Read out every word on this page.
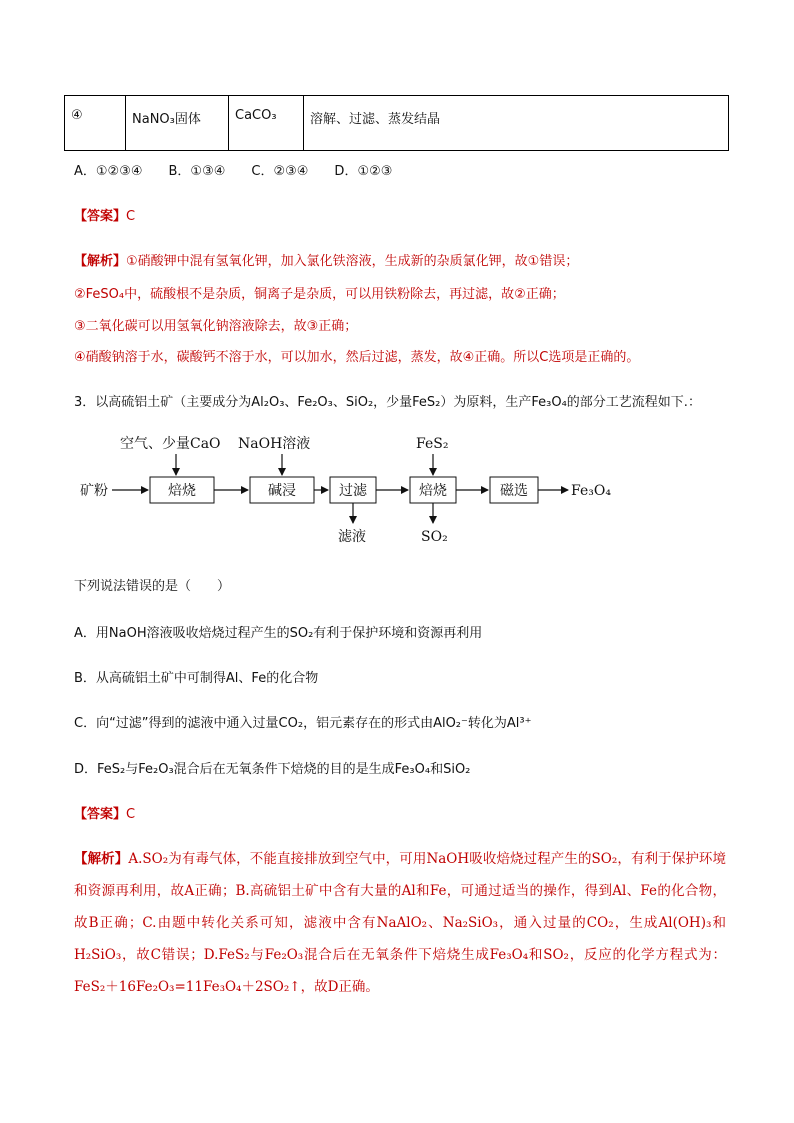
④	NaNO₃固体	CaCO₃	溶解、过滤、蒸发结晶
A．①②③④　　B．①③④　　C．②③④　　D．①②③
【答案】C
【解析】①硝酸钾中混有氢氧化钾，加入氯化铁溶液，生成新的杂质氯化钾，故①错误；
②FeSO₄中，硫酸根不是杂质，铜离子是杂质，可以用铁粉除去，再过滤，故②正确；
③二氧化碳可以用氢氧化钠溶液除去，故③正确；
④硝酸钠溶于水，碳酸钙不溶于水，可以加水，然后过滤，蒸发，故④正确。所以C选项是正确的。
3．以高硫铝土矿（主要成分为Al₂O₃、Fe₂O₃、SiO₂，少量FeS₂）为原料，生产Fe₃O₄的部分工艺流程如下.：
矿粉	焙烧	碱浸	过滤	焙烧	磁选	Fe₃O₄
空气、少量CaO NaOH溶液	FeS₂
滤液	SO₂
下列说法错误的是（　　）
A．用NaOH溶液吸收焙烧过程产生的SO₂有利于保护环境和资源再利用
B．从高硫铝土矿中可制得Al、Fe的化合物
C．向“过滤”得到的滤液中通入过量CO₂，铝元素存在的形式由AlO₂⁻转化为Al³⁺
D．FeS₂与Fe₂O₃混合后在无氧条件下焙烧的目的是生成Fe₃O₄和SiO₂
【答案】C
【解析】A.SO₂为有毒气体，不能直接排放到空气中，可用NaOH吸收焙烧过程产生的SO₂，有利于保护环境和资源再利用，故A正确；B.高硫铝土矿中含有大量的Al和Fe，可通过适当的操作，得到Al、Fe的化合物，故B正确；C.由题中转化关系可知，滤液中含有NaAlO₂、Na₂SiO₃，通入过量的CO₂，生成Al(OH)₃和H₂SiO₃，故C错误；D.FeS₂与Fe₂O₃混合后在无氧条件下焙烧生成Fe₃O₄和SO₂，反应的化学方程式为：FeS₂＋16Fe₂O₃=11Fe₃O₄＋2SO₂↑，故D正确。
